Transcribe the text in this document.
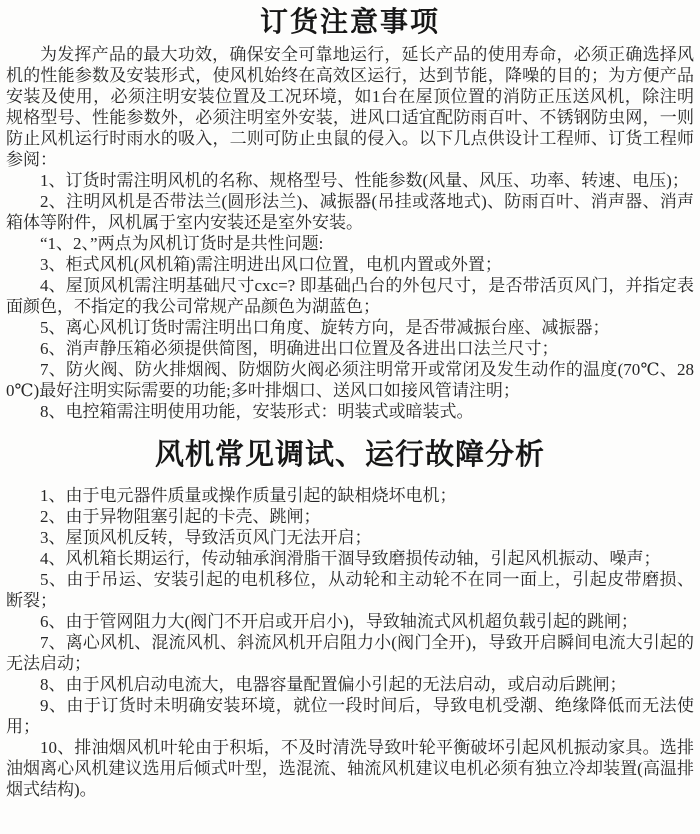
订货注意事项

为发挥产品的最大功效，确保安全可靠地运行，延长产品的使用寿命，必须正确选择风机的性能参数及安装形式，使风机始终在高效区运行，达到节能，降噪的目的；为方便产品安装及使用，必须注明安装位置及工况环境，如1台在屋顶位置的消防正压送风机，除注明规格型号、性能参数外，必须注明室外安装，进风口适宜配防雨百叶、不锈钢防虫网，一则防止风机运行时雨水的吸入，二则可防止虫鼠的侵入。以下几点供设计工程师、订货工程师参阅：

1、订货时需注明风机的名称、规格型号、性能参数(风量、风压、功率、转速、电压)；

2、注明风机是否带法兰(圆形法兰)、减振器(吊挂或落地式)、防雨百叶、消声器、消声箱体等附件，风机属于室内安装还是室外安装。

“1、2、”两点为风机订货时是共性问题:

3、柜式风机(风机箱)需注明进出风口位置，电机内置或外置；

4、屋顶风机需注明基础尺寸cxc=? 即基础凸台的外包尺寸，是否带活页风门，并指定表面颜色，不指定的我公司常规产品颜色为湖蓝色；

5、离心风机订货时需注明出口角度、旋转方向，是否带减振台座、减振器；

6、消声静压箱必须提供简图，明确进出口位置及各进出口法兰尺寸；

7、防火阀、防火排烟阀、防烟防火阀必须注明常开或常闭及发生动作的温度(70℃、280℃)最好注明实际需要的功能;多叶排烟口、送风口如接风管请注明；

8、电控箱需注明使用功能，安装形式：明装式或暗装式。

风机常见调试、运行故障分析

1、由于电元器件质量或操作质量引起的缺相烧坏电机；

2、由于异物阻塞引起的卡壳、跳闸；

3、屋顶风机反转，导致活页风门无法开启；

4、风机箱长期运行，传动轴承润滑脂干涸导致磨损传动轴，引起风机振动、噪声；

5、由于吊运、安装引起的电机移位，从动轮和主动轮不在同一面上，引起皮带磨损、断裂；

6、由于管网阻力大(阀门不开启或开启小)，导致轴流式风机超负载引起的跳闸；

7、离心风机、混流风机、斜流风机开启阻力小(阀门全开)，导致开启瞬间电流大引起的无法启动；

8、由于风机启动电流大，电器容量配置偏小引起的无法启动，或启动后跳闸；

9、由于订货时未明确安装环境，就位一段时间后，导致电机受潮、绝缘降低而无法使用；

10、排油烟风机叶轮由于积垢，不及时清洗导致叶轮平衡破坏引起风机振动家具。选排油烟离心风机建议选用后倾式叶型，选混流、轴流风机建议电机必须有独立冷却装置(高温排烟式结构)。
